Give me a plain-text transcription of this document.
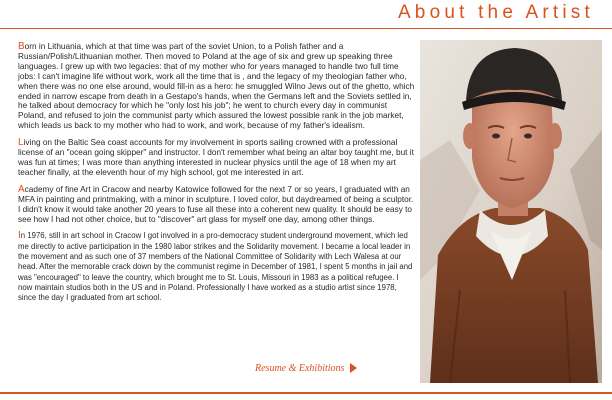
About the Artist

Born in Lithuania, which at that time was part of the soviet Union, to a Polish father and a Russian/Polish/Lithuanian mother. Then moved to Poland at the age of six and grew up speaking three languages. I grew up with two legacies: that of my mother who for years managed to handle two full time jobs: I can't imagine life without work, work all the time that is , and the legacy of my theologian father who, when there was no one else around, would fill-in as a hero: he smuggled Wilno Jews out of the ghetto, which ended in narrow escape from death in a Gestapo's hands, when the Germans left and the Soviets settled in, he talked about democracy for which he "only lost his job"; he went to church every day in communist Poland, and refused to join the communist party which assured the lowest possible rank in the job market, which leads us back to my mother who had to work, and work, because of my father's idealism.

Living on the Baltic Sea coast accounts for my involvement in sports sailing crowned with a professional license of an "ocean going skipper" and instructor. I don't remember what being an altar boy taught me, but it was fun at times; I was more than anything interested in nuclear physics until the age of 18 when my art teacher finally, at the eleventh hour of my high school, got me interested in art.

Academy of fine Art in Cracow and nearby Katowice followed for the next 7 or so years, I graduated with an MFA in painting and printmaking, with a minor in sculpture. I loved color, but daydreamed of being a sculptor. I didn't know it would take another 20 years to fuse all these into a coherent new quality. It should be easy to see how I had not other choice, but to "discover" art glass for myself one day, among other things.

In 1976, still in art school in Cracow I got involved in a pro-democracy student underground movement, which led me directly to active participation in the 1980 labor strikes and the Solidarity movement. I became a local leader in the movement and as such one of 37 members of the National Committee of Solidarity with Lech Walesa at our head. After the memorable crack down by the communist regime in December of 1981, I spent 5 months in jail and was "encouraged" to leave the country, which brought me to St. Louis, Missouri in 1983 as a political refugee. I now maintain studios both in the US and in Poland. Professionally I have worked as a studio artist since 1978, since the day I graduated from art school.

Resume & Exhibitions
